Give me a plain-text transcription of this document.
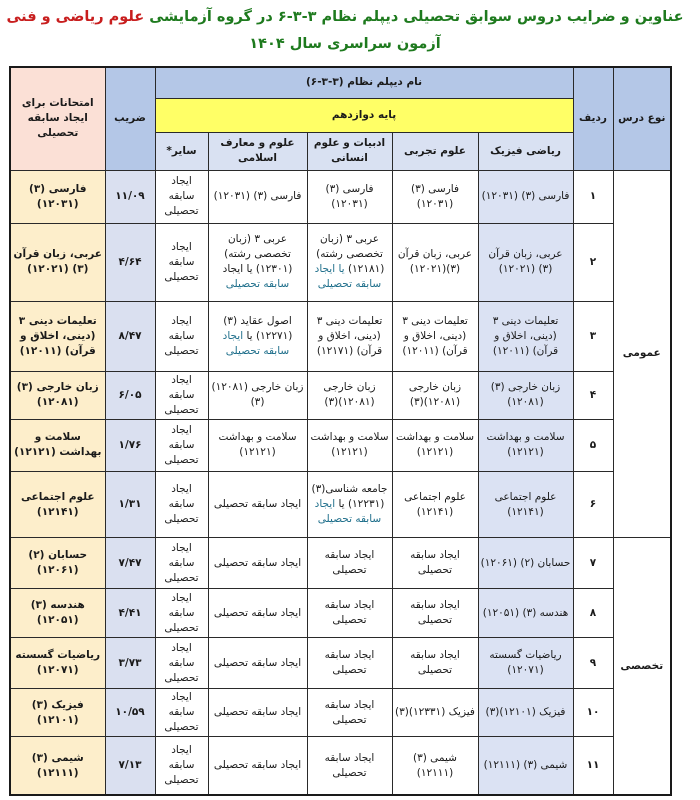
عناوین و ضرایب دروس سوابق تحصیلی دیپلم نظام ۳-۳-۶ در گروه آزمایشی علوم ریاضی و فنی
آزمون سراسری سال ۱۴۰۴
نوع درس	ردیف	نام دیپلم نظام (۳-۳-۶)					ضریب	امتحانات برای ایجاد سابقه تحصیلی
		پایه دوازدهم						
		ریاضی فیزیک	علوم تجربی	ادبیات و علوم انسانی	علوم و معارف اسلامی	سایر*		
عمومی	۱	فارسی (۳) (۱۲۰۳۱)	فارسی (۳) (۱۲۰۳۱)	فارسی (۳) (۱۲۰۳۱)	فارسی (۳) (۱۲۰۳۱)	ایجاد سابقه تحصیلی	۱۱/۰۹	فارسی (۳) (۱۲۰۳۱)
	۲	عربی، زبان قرآن (۳) (۱۲۰۲۱)	عربی، زبان قرآن (۳)(۱۲۰۲۱)	عربی ۳ (زبان تخصصی رشته)(۱۲۱۸۱) یا ایجاد سابقه تحصیلی	عربی ۳ (زبان تخصصی رشته) (۱۲۳۰۱) یا ایجاد سابقه تحصیلی	ایجاد سابقه تحصیلی	۴/۶۴	عربی، زبان قرآن (۳) (۱۲۰۲۱)
	۳	تعلیمات دینی ۳ (دینی، اخلاق و قرآن) (۱۲۰۱۱)	تعلیمات دینی ۳ (دینی، اخلاق و قرآن) (۱۲۰۱۱)	تعلیمات دینی ۳ (دینی، اخلاق و قرآن) (۱۲۱۷۱)	اصول عقاید (۳)(۱۲۲۷۱) یا ایجاد سابقه تحصیلی	ایجاد سابقه تحصیلی	۸/۴۷	تعلیمات دینی ۳ (دینی، اخلاق و قرآن) (۱۲۰۱۱)
	۴	زبان خارجی (۳) (۱۲۰۸۱)	زبان خارجی (۱۲۰۸۱)(۳)	زبان خارجی (۱۲۰۸۱)(۳)	زبان خارجی (۱۲۰۸۱)(۳)	ایجاد سابقه تحصیلی	۶/۰۵	زبان خارجی (۳) (۱۲۰۸۱)
	۵	سلامت و بهداشت (۱۲۱۲۱)	سلامت و بهداشت (۱۲۱۲۱)	سلامت و بهداشت (۱۲۱۲۱)	سلامت و بهداشت (۱۲۱۲۱)	ایجاد سابقه تحصیلی	۱/۷۶	سلامت و بهداشت (۱۲۱۲۱)
	۶	علوم اجتماعی (۱۲۱۴۱)	علوم اجتماعی (۱۲۱۴۱)	جامعه شناسی(۳) (۱۲۲۳۱) یا ایجاد سابقه تحصیلی	ایجاد سابقه تحصیلی	ایجاد سابقه تحصیلی	۱/۳۱	علوم اجتماعی (۱۲۱۴۱)
تخصصی	۷	حسابان (۲) (۱۲۰۶۱)	ایجاد سابقه تحصیلی	ایجاد سابقه تحصیلی	ایجاد سابقه تحصیلی	ایجاد سابقه تحصیلی	۷/۴۷	حسابان (۲) (۱۲۰۶۱)
	۸	هندسه (۳) (۱۲۰۵۱)	ایجاد سابقه تحصیلی	ایجاد سابقه تحصیلی	ایجاد سابقه تحصیلی	ایجاد سابقه تحصیلی	۴/۴۱	هندسه (۳) (۱۲۰۵۱)
	۹	ریاضیات گسسته (۱۲۰۷۱)	ایجاد سابقه تحصیلی	ایجاد سابقه تحصیلی	ایجاد سابقه تحصیلی	ایجاد سابقه تحصیلی	۳/۷۳	ریاضیات گسسته (۱۲۰۷۱)
	۱۰	فیزیک (۱۲۱۰۱)(۳)	فیزیک (۱۲۳۳۱)(۳)	ایجاد سابقه تحصیلی	ایجاد سابقه تحصیلی	ایجاد سابقه تحصیلی	۱۰/۵۹	فیزیک (۳) (۱۲۱۰۱)
	۱۱	شیمی (۳) (۱۲۱۱۱)	شیمی (۳) (۱۲۱۱۱)	ایجاد سابقه تحصیلی	ایجاد سابقه تحصیلی	ایجاد سابقه تحصیلی	۷/۱۳	شیمی (۳) (۱۲۱۱۱)
